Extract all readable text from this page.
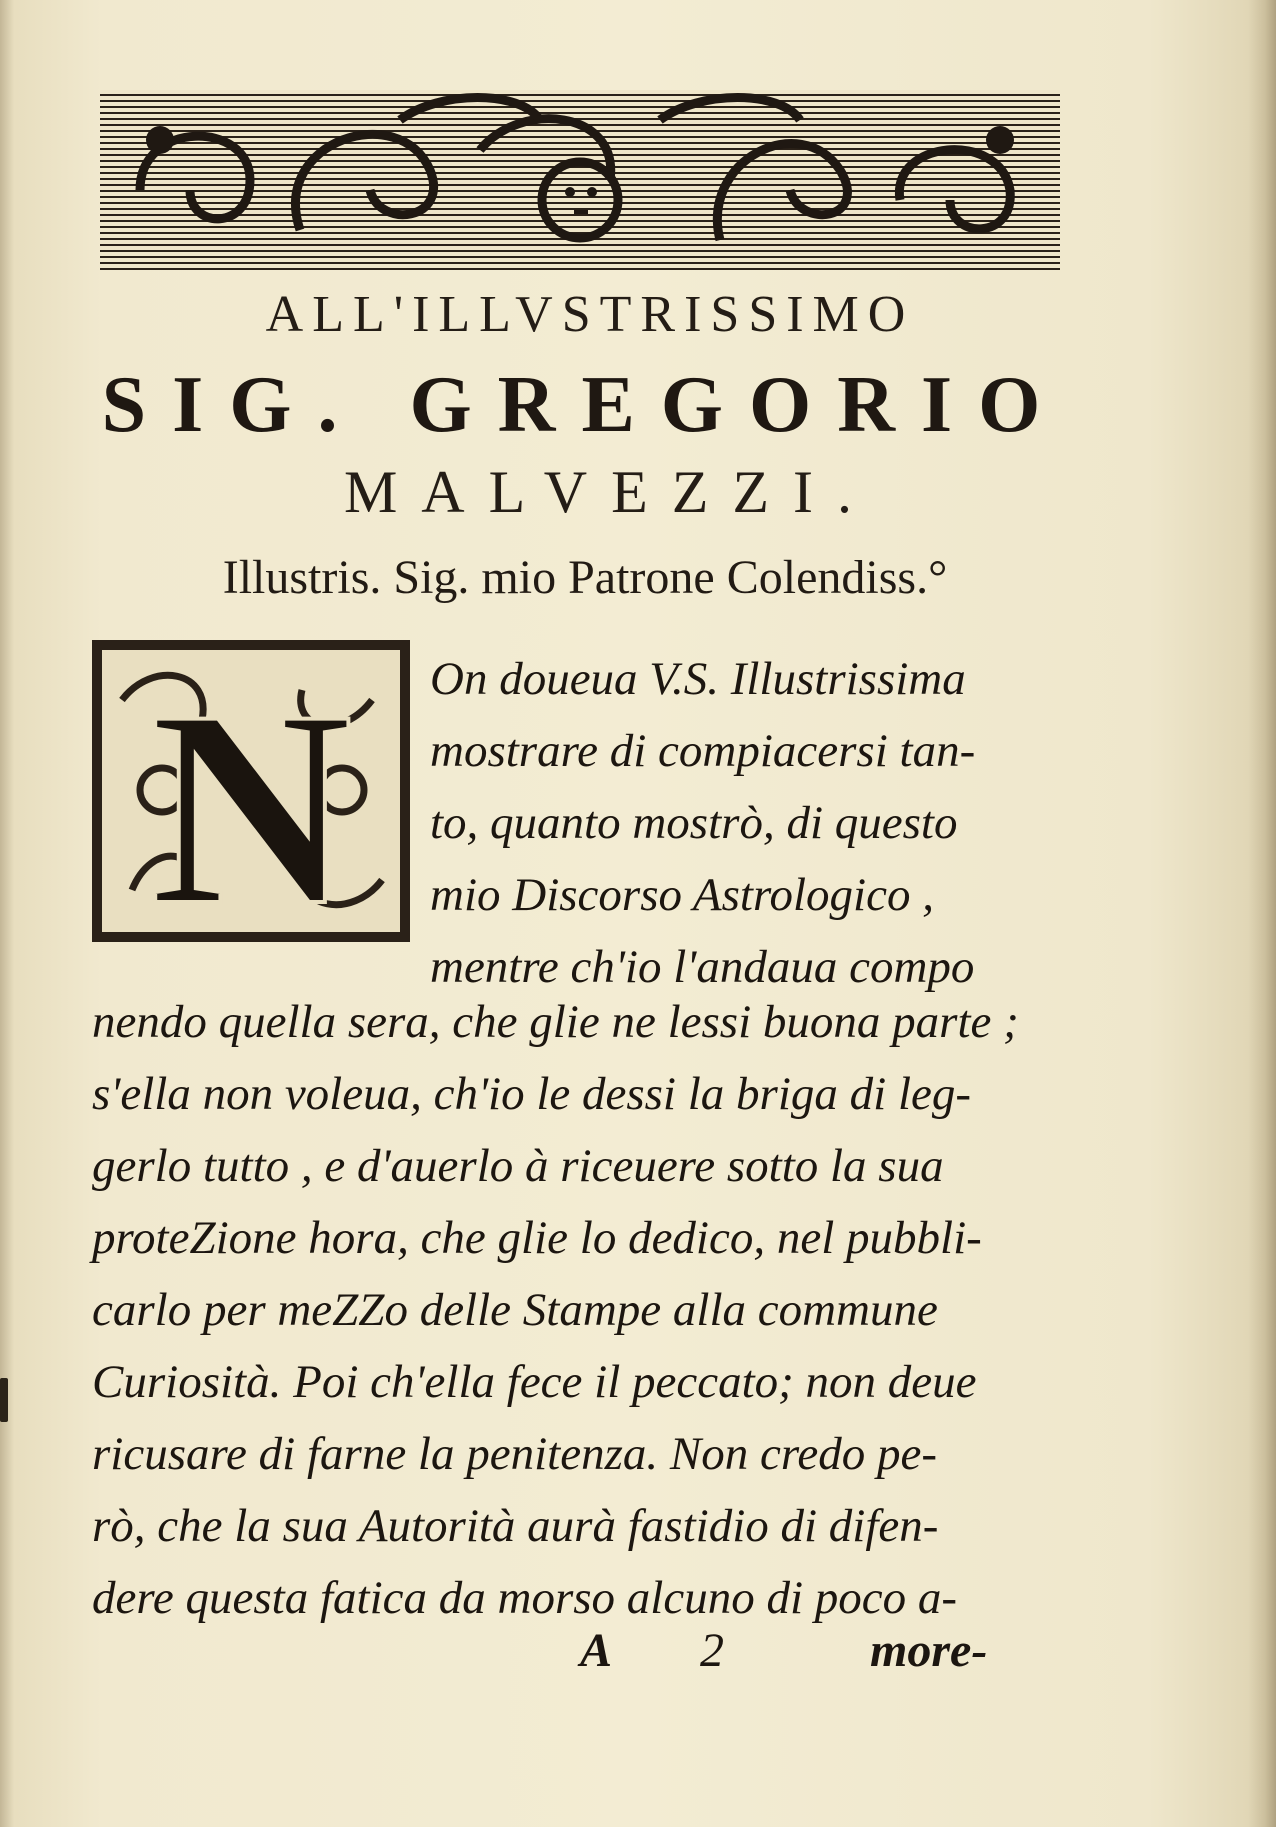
ALL'ILLVSTRISSIMO
SIG. GREGORIO
MALVEZZI.
Illustris. Sig. mio Patrone Colendiss.°
N On doueua V.S. Illustrissima
mostrare di compiacersi tan-
to, quanto mostrò, di questo
mio Discorso Astrologico ,
mentre ch'io l'andaua compo
nendo quella sera, che glie ne lessi buona parte ;
s'ella non voleua, ch'io le dessi la briga di leg-
gerlo tutto , e d'auerlo à riceuere sotto la sua
proteZione hora, che glie lo dedico, nel pubbli-
carlo per meZZo delle Stampe alla commune
Curiosità. Poi ch'ella fece il peccato; non deue
ricusare di farne la penitenza. Non credo pe-
rò, che la sua Autorità aurà fastidio di difen-
dere questa fatica da morso alcuno di poco a-
A 2	more-
